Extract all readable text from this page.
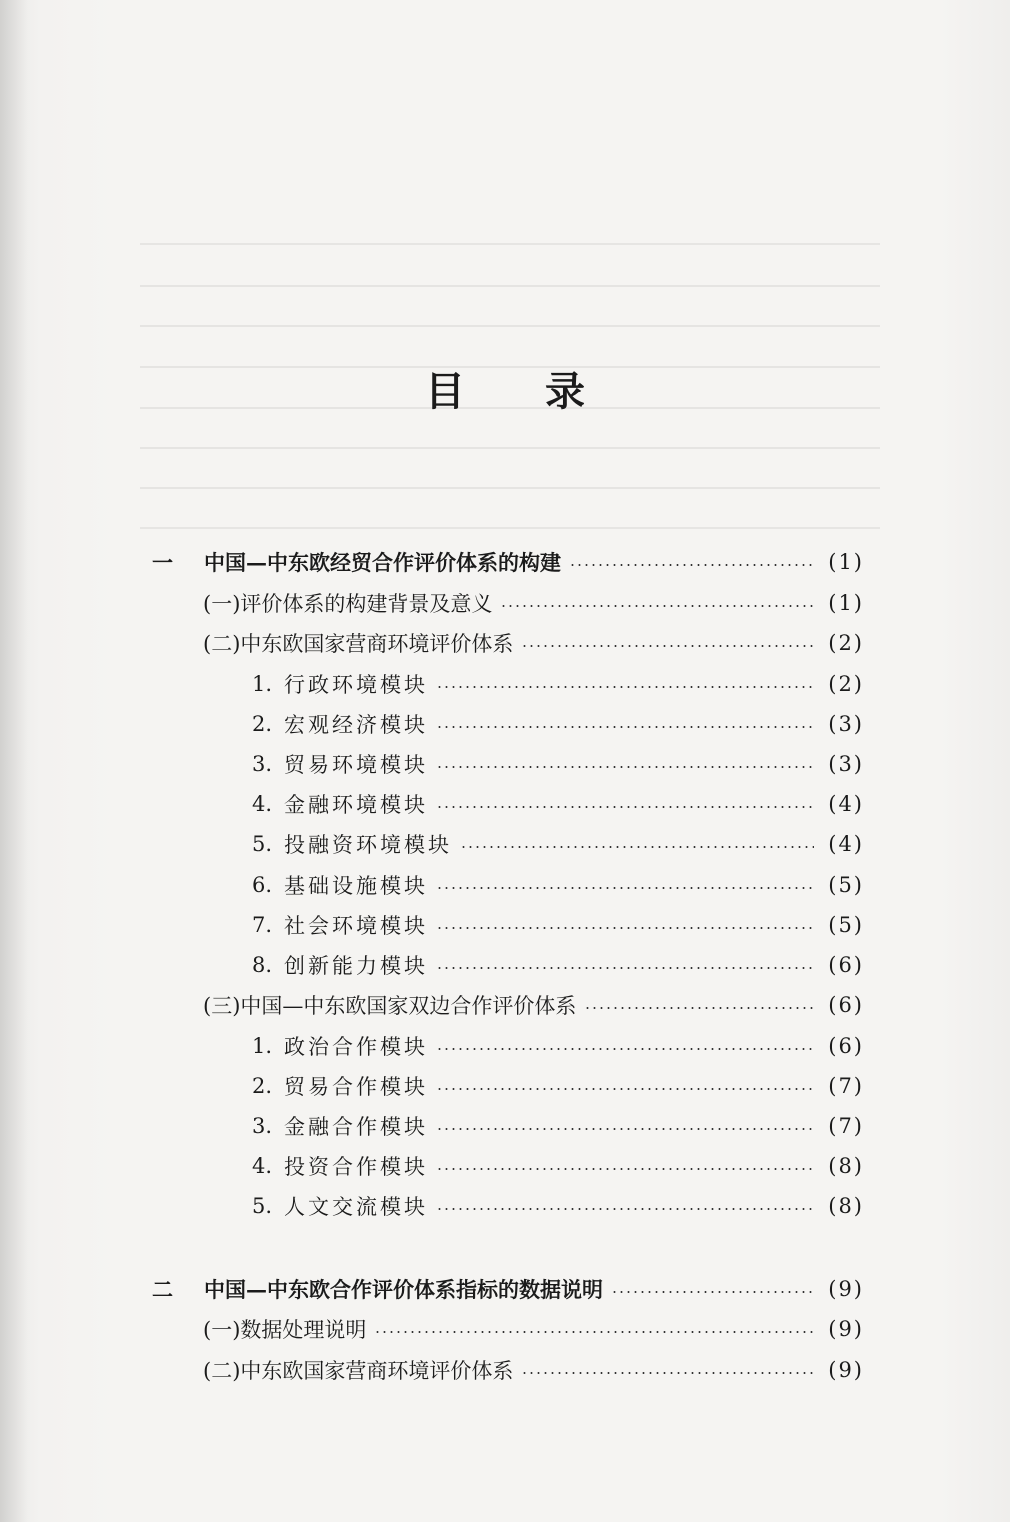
目 录
一	中国—中东欧经贸合作评价体系的构建	(1)
(一)评价体系的构建背景及意义	(1)
(二)中东欧国家营商环境评价体系	(2)
1. 行政环境模块	(2)
2. 宏观经济模块	(3)
3. 贸易环境模块	(3)
4. 金融环境模块	(4)
5. 投融资环境模块	(4)
6. 基础设施模块	(5)
7. 社会环境模块	(5)
8. 创新能力模块	(6)
(三)中国—中东欧国家双边合作评价体系	(6)
1. 政治合作模块	(6)
2. 贸易合作模块	(7)
3. 金融合作模块	(7)
4. 投资合作模块	(8)
5. 人文交流模块	(8)
二	中国—中东欧合作评价体系指标的数据说明	(9)
(一)数据处理说明	(9)
(二)中东欧国家营商环境评价体系	(9)
